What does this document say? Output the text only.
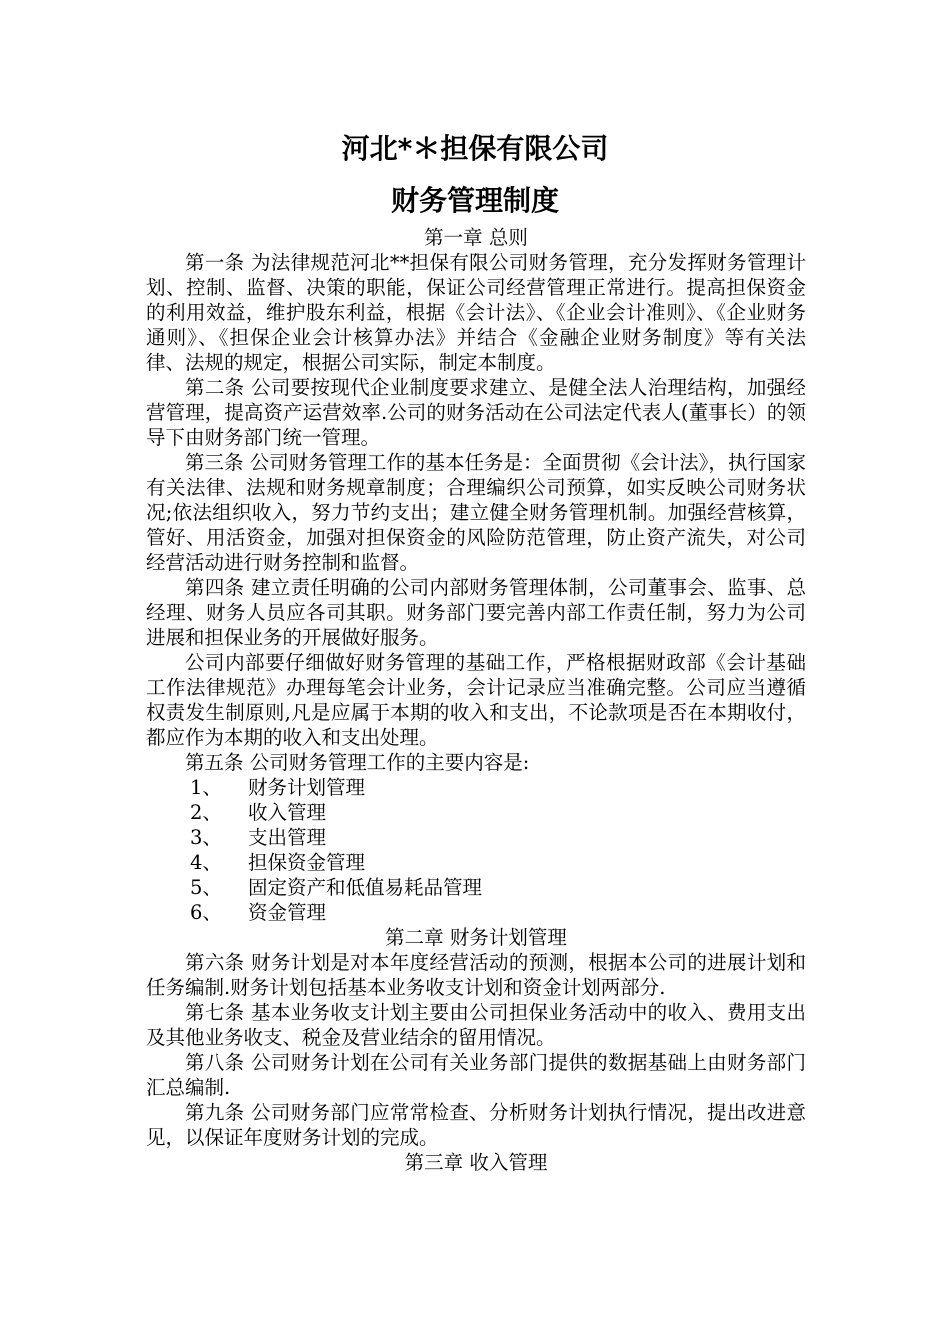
河北*＊担保有限公司
财务管理制度
第一章 总则
第一条 为法律规范河北**担保有限公司财务管理，充分发挥财务管理计划、控制、监督、决策的职能，保证公司经营管理正常进行。提高担保资金的利用效益，维护股东利益，根据《会计法》、《企业会计准则》、《企业财务通则》、《担保企业会计核算办法》并结合《金融企业财务制度》等有关法律、法规的规定，根据公司实际，制定本制度。
第二条 公司要按现代企业制度要求建立、是健全法人治理结构，加强经营管理，提高资产运营效率.公司的财务活动在公司法定代表人(董事长）的领导下由财务部门统一管理。
第三条 公司财务管理工作的基本任务是：全面贯彻《会计法》，执行国家有关法律、法规和财务规章制度；合理编织公司预算，如实反映公司财务状况;依法组织收入，努力节约支出；建立健全财务管理机制。加强经营核算，管好、用活资金，加强对担保资金的风险防范管理，防止资产流失，对公司经营活动进行财务控制和监督。
第四条 建立责任明确的公司内部财务管理体制，公司董事会、监事、总经理、财务人员应各司其职。财务部门要完善内部工作责任制，努力为公司进展和担保业务的开展做好服务。
公司内部要仔细做好财务管理的基础工作，严格根据财政部《会计基础工作法律规范》办理每笔会计业务，会计记录应当准确完整。公司应当遵循权责发生制原则,凡是应属于本期的收入和支出，不论款项是否在本期收付，都应作为本期的收入和支出处理。
第五条 公司财务管理工作的主要内容是:
1、	财务计划管理
2、	收入管理
3、	支出管理
4、	担保资金管理
5、	固定资产和低值易耗品管理
6、	资金管理
第二章 财务计划管理
第六条 财务计划是对本年度经营活动的预测，根据本公司的进展计划和任务编制.财务计划包括基本业务收支计划和资金计划两部分.
第七条 基本业务收支计划主要由公司担保业务活动中的收入、费用支出及其他业务收支、税金及营业结余的留用情况。
第八条 公司财务计划在公司有关业务部门提供的数据基础上由财务部门汇总编制.
第九条 公司财务部门应常常检查、分析财务计划执行情况，提出改进意见，以保证年度财务计划的完成。
第三章 收入管理
